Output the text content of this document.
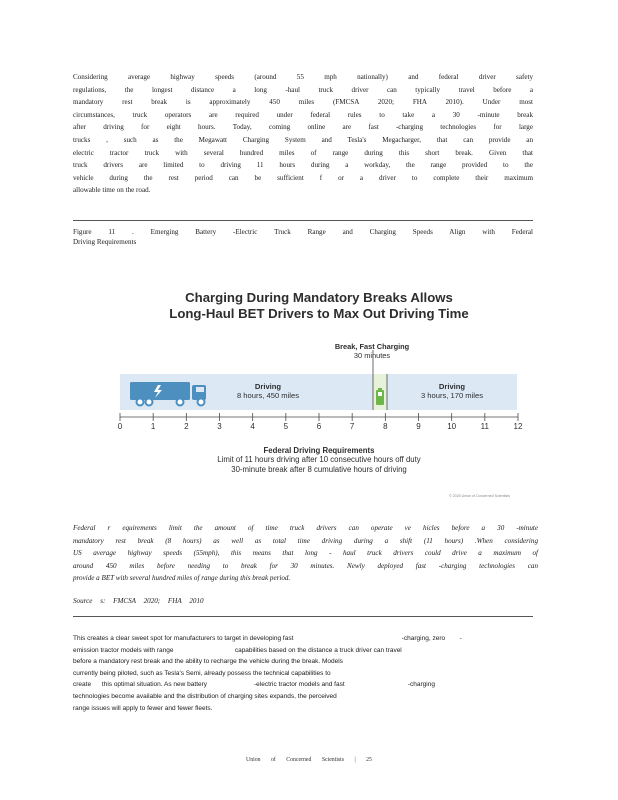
Considering average highway speeds (around 55 mph nationally) and federal driver safety
regulations, the longest distance a long -haul truck driver can typically travel before a
mandatory rest break is approximately 450 miles (FMCSA 2020; FHA 2010). Under most
circumstances, truck operators are required under federal rules to take a 30 -minute break
after driving for eight hours. Today, coming online are fast -charging technologies for large
trucks , such as the Megawatt Charging System and Tesla's Megacharger, that can provide an
electric tractor truck with several hundred miles of range during this short break. Given that
truck drivers are limited to driving 11 hours during a workday, the range provided to the
vehicle during the rest period can be sufficient f or a driver to complete their maximum
allowable time on the road.
Figure 11 . Emerging Battery -Electric Truck Range and Charging Speeds Align with Federal
Driving Requirements
Charging During Mandatory Breaks Allows
Long-Haul BET Drivers to Max Out Driving Time
Break, Fast Charging
30 minutes
Driving
8 hours, 450 miles
Driving
3 hours, 170 miles
0	1	2	3	4	5	6	7	8	9	10	11	12
Federal Driving Requirements
Limit of 11 hours driving after 10 consecutive hours off duty
30-minute break after 8 cumulative hours of driving
© 2025 Union of Concerned Scientists
Federal r equirements limit the amount of time truck drivers can operate ve hicles before a 30 -minute
mandatory rest break (8 hours) as well as total time driving during a shift (11 hours) .When considering
US average highway speeds (55mph), this means that long - haul truck drivers could drive a maximum of
around 450 miles before needing to break for 30 minutes. Newly deployed fast -charging technologies can
provide a BET with several hundred miles of range during this break period.
Source s: FMCSA 2020; FHA 2010
This creates a clear sweet spot for manufacturers to target in developing fast                                                            -charging, zero        -
emission tractor models with range                                  capabilities based on the distance a truck driver can travel
before a mandatory rest break and the ability to recharge the vehicle during the break. Models
currently being piloted, such as Tesla's Semi, already possess the technical capabilities to
create      this optimal situation. As new battery                          -electric tractor models and fast                                   -charging
technologies become available and the distribution of charging sites expands, the perceived
range issues will apply to fewer and fewer fleets.
Union of Concerned Scientists | 25
